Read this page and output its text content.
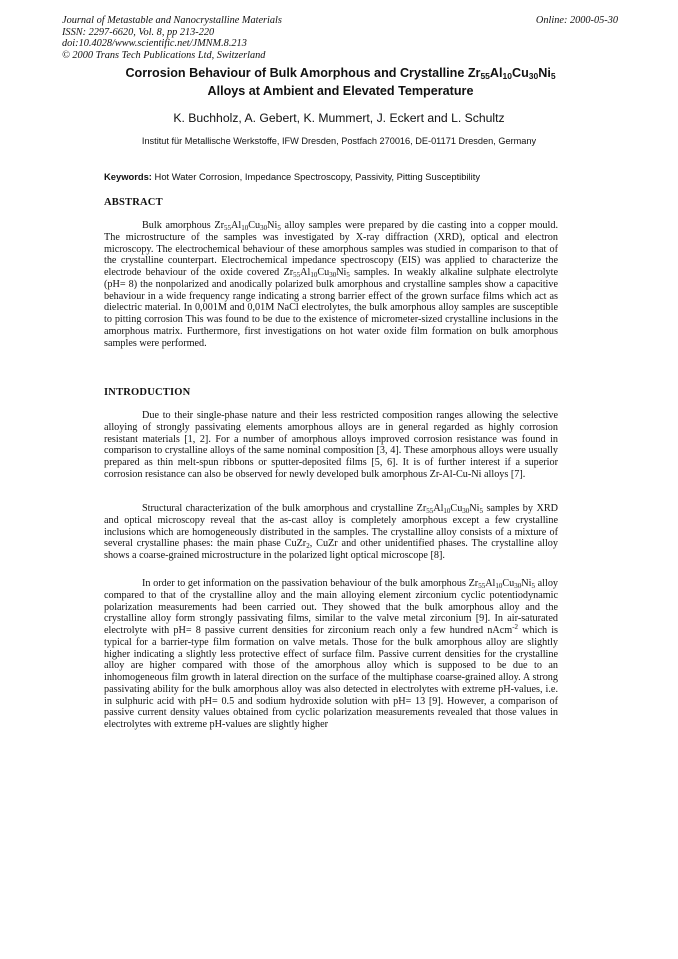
Journal of Metastable and Nanocrystalline Materials
ISSN: 2297-6620, Vol. 8, pp 213-220
doi:10.4028/www.scientific.net/JMNM.8.213
© 2000 Trans Tech Publications Ltd, Switzerland
Online: 2000-05-30
Corrosion Behaviour of Bulk Amorphous and Crystalline $Zr_{55}Al_{10}Cu_{30}Ni_5$
Alloys at Ambient and Elevated Temperature
K. Buchholz, A. Gebert, K. Mummert, J. Eckert and L. Schultz
Institut für Metallische Werkstoffe, IFW Dresden, Postfach 270016, DE-01171 Dresden, Germany
Keywords: Hot Water Corrosion, Impedance Spectroscopy, Passivity, Pitting Susceptibility
ABSTRACT
Bulk amorphous $Zr_{55}Al_{10}Cu_{30}Ni_5$ alloy samples were prepared by die casting into a copper mould. The microstructure of the samples was investigated by X-ray diffraction (XRD), optical and electron microscopy. The electrochemical behaviour of these amorphous samples was studied in comparison to that of the crystalline counterpart. Electrochemical impedance spectroscopy (EIS) was applied to characterize the electrode behaviour of the oxide covered $Zr_{55}Al_{10}Cu_{30}Ni_5$ samples. In weakly alkaline sulphate electrolyte (pH= 8) the nonpolarized and anodically polarized bulk amorphous and crystalline samples show a capacitive behaviour in a wide frequency range indicating a strong barrier effect of the grown surface films which act as dielectric material. In 0,001M and 0,01M NaCl electrolytes, the bulk amorphous alloy samples are susceptible to pitting corrosion This was found to be due to the existence of micrometer-sized crystalline inclusions in the amorphous matrix. Furthermore, first investigations on hot water oxide film formation on bulk amorphous samples were performed.
INTRODUCTION
Due to their single-phase nature and their less restricted composition ranges allowing the selective alloying of strongly passivating elements amorphous alloys are in general regarded as highly corrosion resistant materials [1, 2]. For a number of amorphous alloys improved corrosion resistance was found in comparison to crystalline alloys of the same nominal composition [3, 4]. These amorphous alloys were usually prepared as thin melt-spun ribbons or sputter-deposited films [5, 6]. It is of further interest if a superior corrosion resistance can also be observed for newly developed bulk amorphous Zr-Al-Cu-Ni alloys [7].
Structural characterization of the bulk amorphous and crystalline $Zr_{55}Al_{10}Cu_{30}Ni_5$ samples by XRD and optical microscopy reveal that the as-cast alloy is completely amorphous except a few crystalline inclusions which are homogeneously distributed in the samples. The crystalline alloy consists of a mixture of several crystalline phases: the main phase CuZr$_2$, CuZr and other unidentified phases. The crystalline alloy shows a coarse-grained microstructure in the polarized light optical microscope [8].
In order to get information on the passivation behaviour of the bulk amorphous $Zr_{55}Al_{10}Cu_{30}Ni_5$ alloy compared to that of the crystalline alloy and the main alloying element zirconium cyclic potentiodynamic polarization measurements had been carried out. They showed that the bulk amorphous alloy and the crystalline alloy form strongly passivating films, similar to the valve metal zirconium [9]. In air-saturated electrolyte with pH= 8 passive current densities for zirconium reach only a few hundred nAcm$^{-2}$ which is typical for a barrier-type film formation on valve metals. Those for the bulk amorphous alloy are slightly higher indicating a slightly less protective effect of surface film. Passive current densities for the crystalline alloy are higher compared with those of the amorphous alloy which is supposed to be due to an inhomogeneous film growth in lateral direction on the surface of the multiphase coarse-grained alloy. A strong passivating ability for the bulk amorphous alloy was also detected in electrolytes with extreme pH-values, i.e. in sulphuric acid with pH= 0.5 and sodium hydroxide solution with pH= 13 [9]. However, a comparison of passive current density values obtained from cyclic polarization measurements revealed that those values in electrolytes with extreme pH-values are slightly higher
